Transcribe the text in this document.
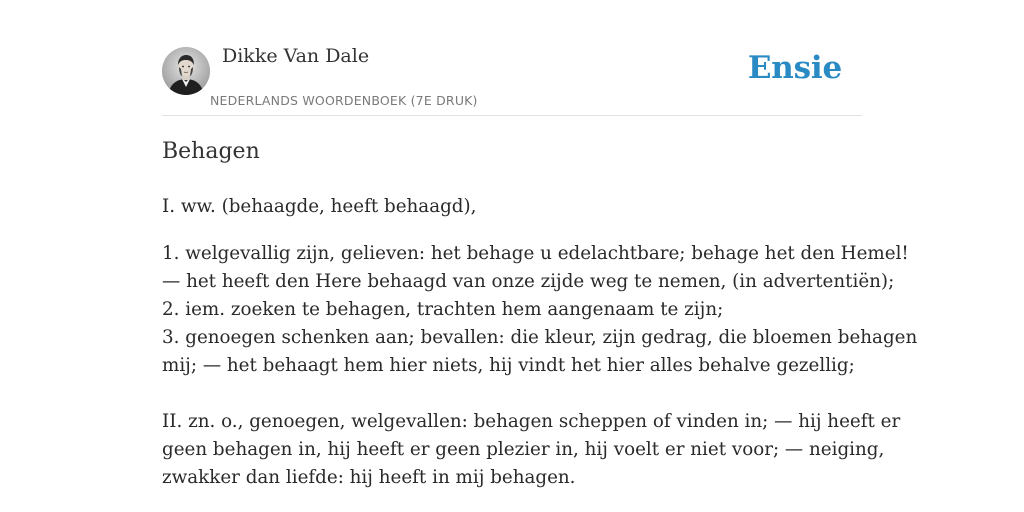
Dikke Van Dale
NEDERLANDS WOORDENBOEK (7E DRUK)
Ensie
Behagen
I. ww. (behaagde, heeft behaagd),
1. welgevallig zijn, gelieven: het behage u edelachtbare; behage het den Hemel!
— het heeft den Here behaagd van onze zijde weg te nemen, (in advertentiën);
2. iem. zoeken te behagen, trachten hem aangenaam te zijn;
3. genoegen schenken aan; bevallen: die kleur, zijn gedrag, die bloemen behagen
mij; — het behaagt hem hier niets, hij vindt het hier alles behalve gezellig;
II. zn. o., genoegen, welgevallen: behagen scheppen of vinden in; — hij heeft er
geen behagen in, hij heeft er geen plezier in, hij voelt er niet voor; — neiging,
zwakker dan liefde: hij heeft in mij behagen.
